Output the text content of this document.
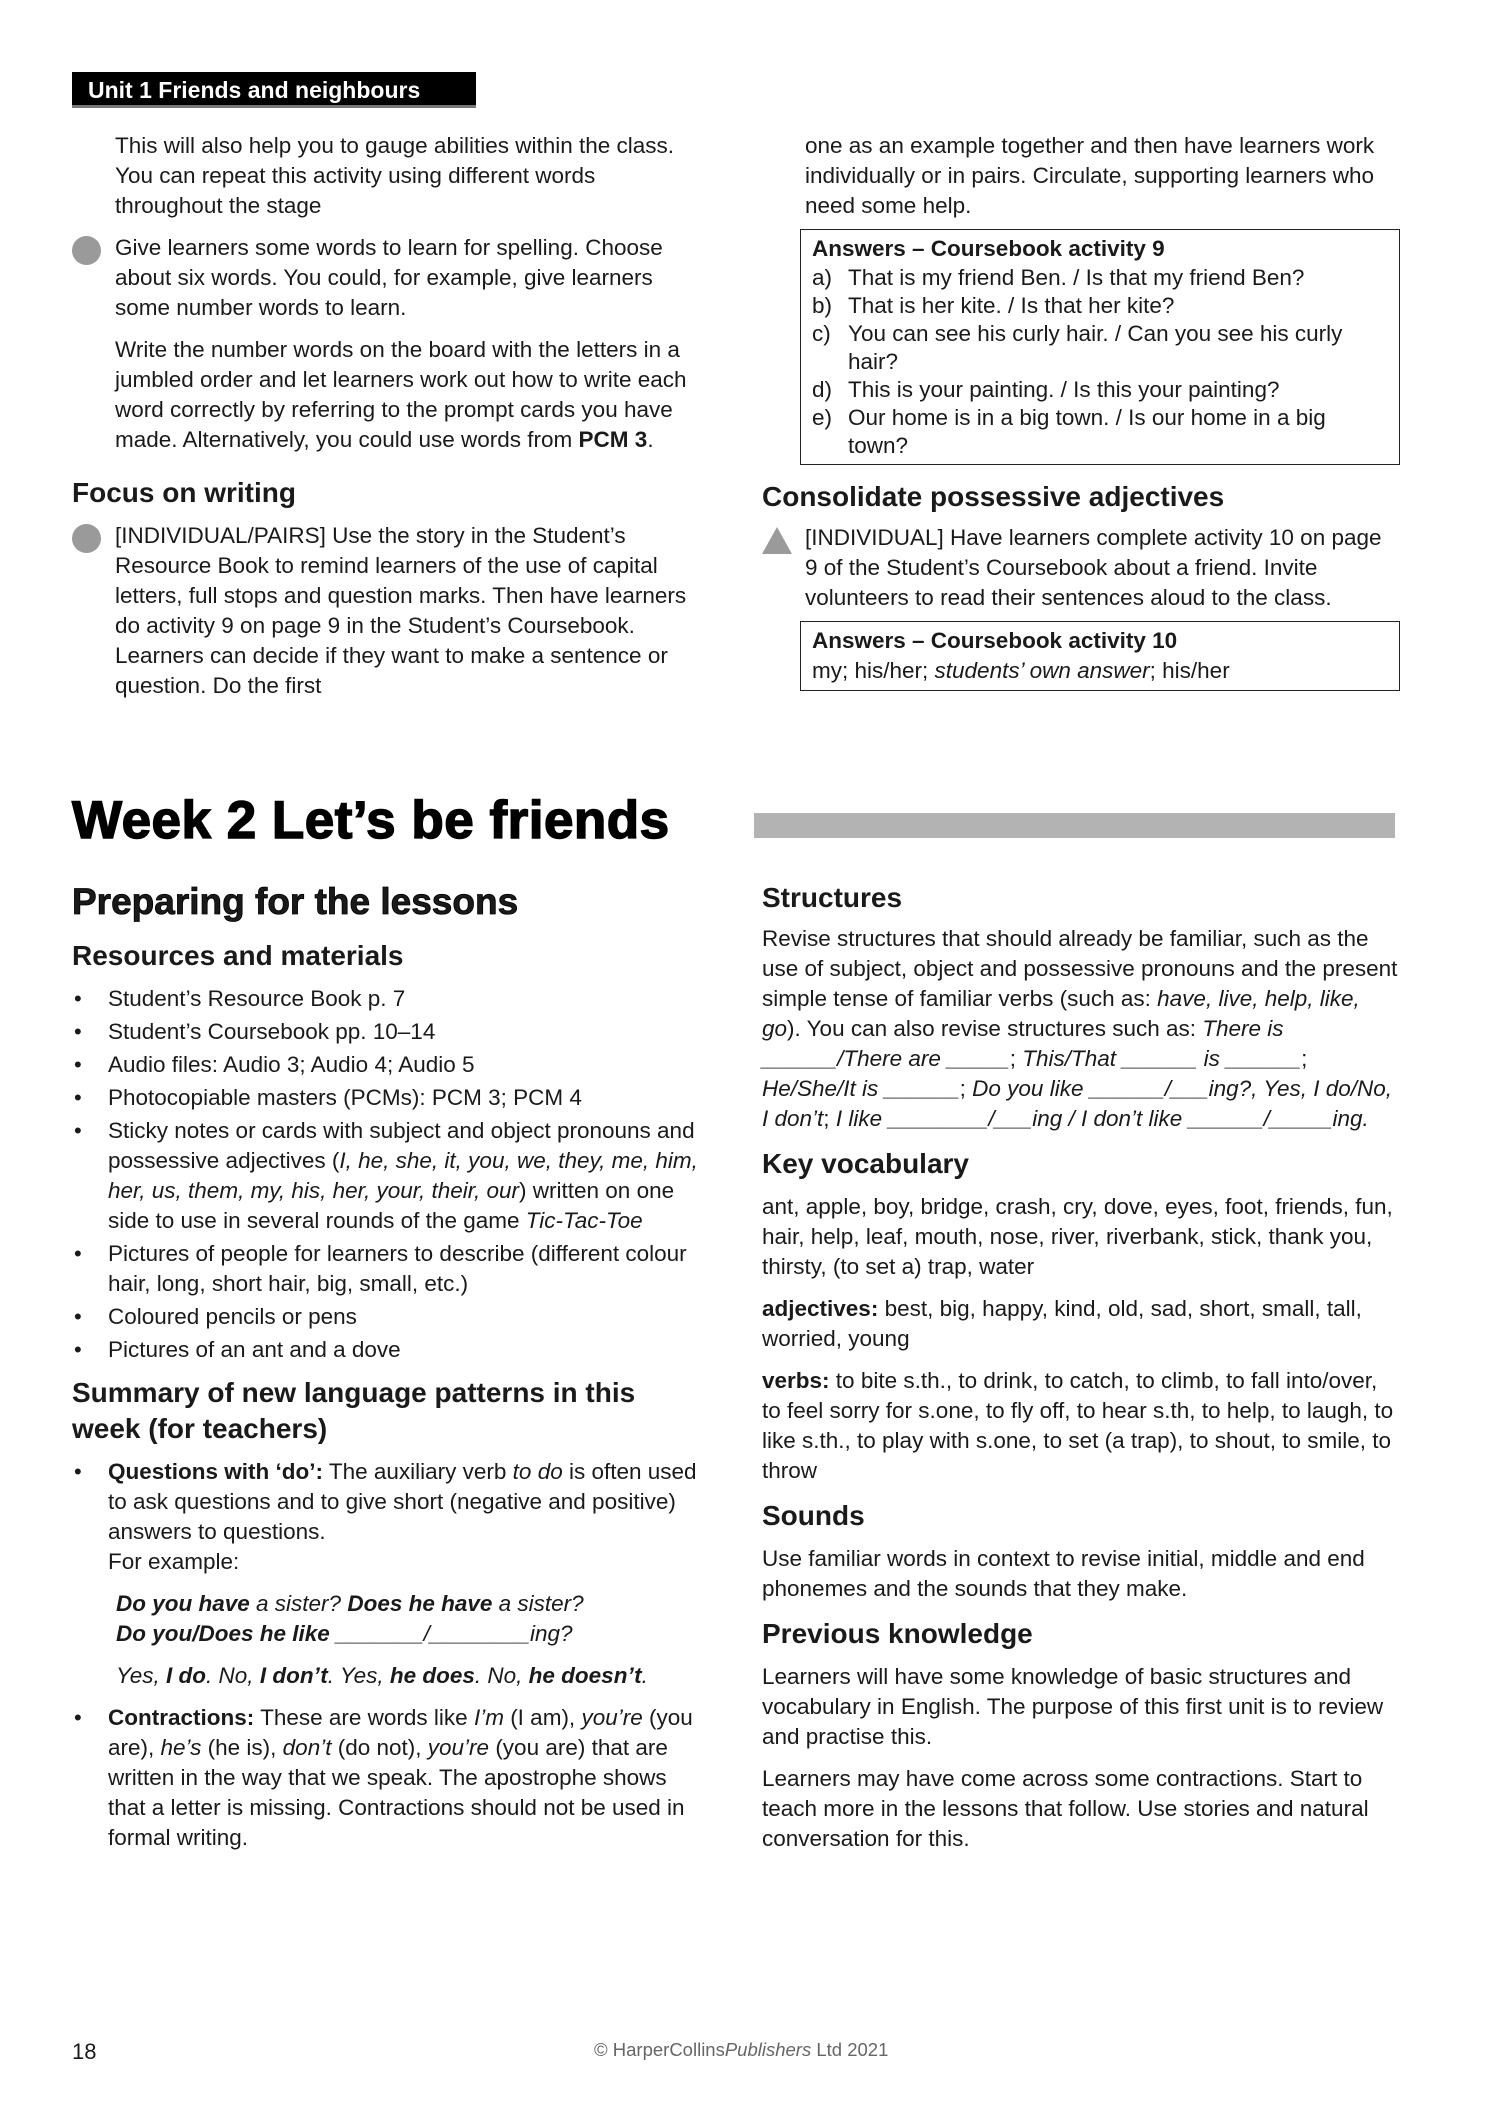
Unit 1 Friends and neighbours

This will also help you to gauge abilities within the class. You can repeat this activity using different words throughout the stage

Give learners some words to learn for spelling. Choose about six words. You could, for example, give learners some number words to learn.

Write the number words on the board with the letters in a jumbled order and let learners work out how to write each word correctly by referring to the prompt cards you have made. Alternatively, you could use words from PCM 3.

Focus on writing

[INDIVIDUAL/PAIRS] Use the story in the Student’s Resource Book to remind learners of the use of capital letters, full stops and question marks. Then have learners do activity 9 on page 9 in the Student’s Coursebook. Learners can decide if they want to make a sentence or question. Do the first

one as an example together and then have learners work individually or in pairs. Circulate, supporting learners who need some help.

Answers – Coursebook activity 9
a) That is my friend Ben. / Is that my friend Ben?
b) That is her kite. / Is that her kite?
c) You can see his curly hair. / Can you see his curly hair?
d) This is your painting. / Is this your painting?
e) Our home is in a big town. / Is our home in a big town?
Consolidate possessive adjectives

[INDIVIDUAL] Have learners complete activity 10 on page 9 of the Student’s Coursebook about a friend. Invite volunteers to read their sentences aloud to the class.

Answers – Coursebook activity 10
my; his/her; students’ own answer; his/her
Week 2 Let’s be friends
Preparing for the lessons
Resources and materials
• Student’s Resource Book p. 7
• Student’s Coursebook pp. 10–14
• Audio files: Audio 3; Audio 4; Audio 5
• Photocopiable masters (PCMs): PCM 3; PCM 4
• Sticky notes or cards with subject and object pronouns and possessive adjectives (I, he, she, it, you, we, they, me, him, her, us, them, my, his, her, your, their, our) written on one side to use in several rounds of the game Tic-Tac-Toe
• Pictures of people for learners to describe (different colour hair, long, short hair, big, small, etc.)
• Coloured pencils or pens
• Pictures of an ant and a dove
Summary of new language patterns in this week (for teachers)

• Questions with ‘do’: The auxiliary verb to do is often used to ask questions and to give short (negative and positive) answers to questions.

For example:
Do you have a sister? Does he have a sister?
Do you/Does he like _______/________ing?
Yes, I do. No, I don’t. Yes, he does. No, he doesn’t.

• Contractions: These are words like I’m (I am), you’re (you are), he’s (he is), don’t (do not), you’re (you are) that are written in the way that we speak. The apostrophe shows that a letter is missing. Contractions should not be used in formal writing.

Structures

Revise structures that should already be familiar, such as the use of subject, object and possessive pronouns and the present simple tense of familiar verbs (such as: have, live, help, like, go). You can also revise structures such as: There is ______/There are _____; This/That ______ is ______; He/She/It is ______; Do you like ______/___ing?, Yes, I do/No, I don’t; I like ________/___ing / I don’t like ______/_____ing.

Key vocabulary

ant, apple, boy, bridge, crash, cry, dove, eyes, foot, friends, fun, hair, help, leaf, mouth, nose, river, riverbank, stick, thank you, thirsty, (to set a) trap, water

adjectives: best, big, happy, kind, old, sad, short, small, tall, worried, young

verbs: to bite s.th., to drink, to catch, to climb, to fall into/over, to feel sorry for s.one, to fly off, to hear s.th, to help, to laugh, to like s.th., to play with s.one, to set (a trap), to shout, to smile, to throw

Sounds

Use familiar words in context to revise initial, middle and end phonemes and the sounds that they make.

Previous knowledge

Learners will have some knowledge of basic structures and vocabulary in English. The purpose of this first unit is to review and practise this.

Learners may have come across some contractions. Start to teach more in the lessons that follow. Use stories and natural conversation for this.

18	© HarperCollinsPublishers Ltd 2021
